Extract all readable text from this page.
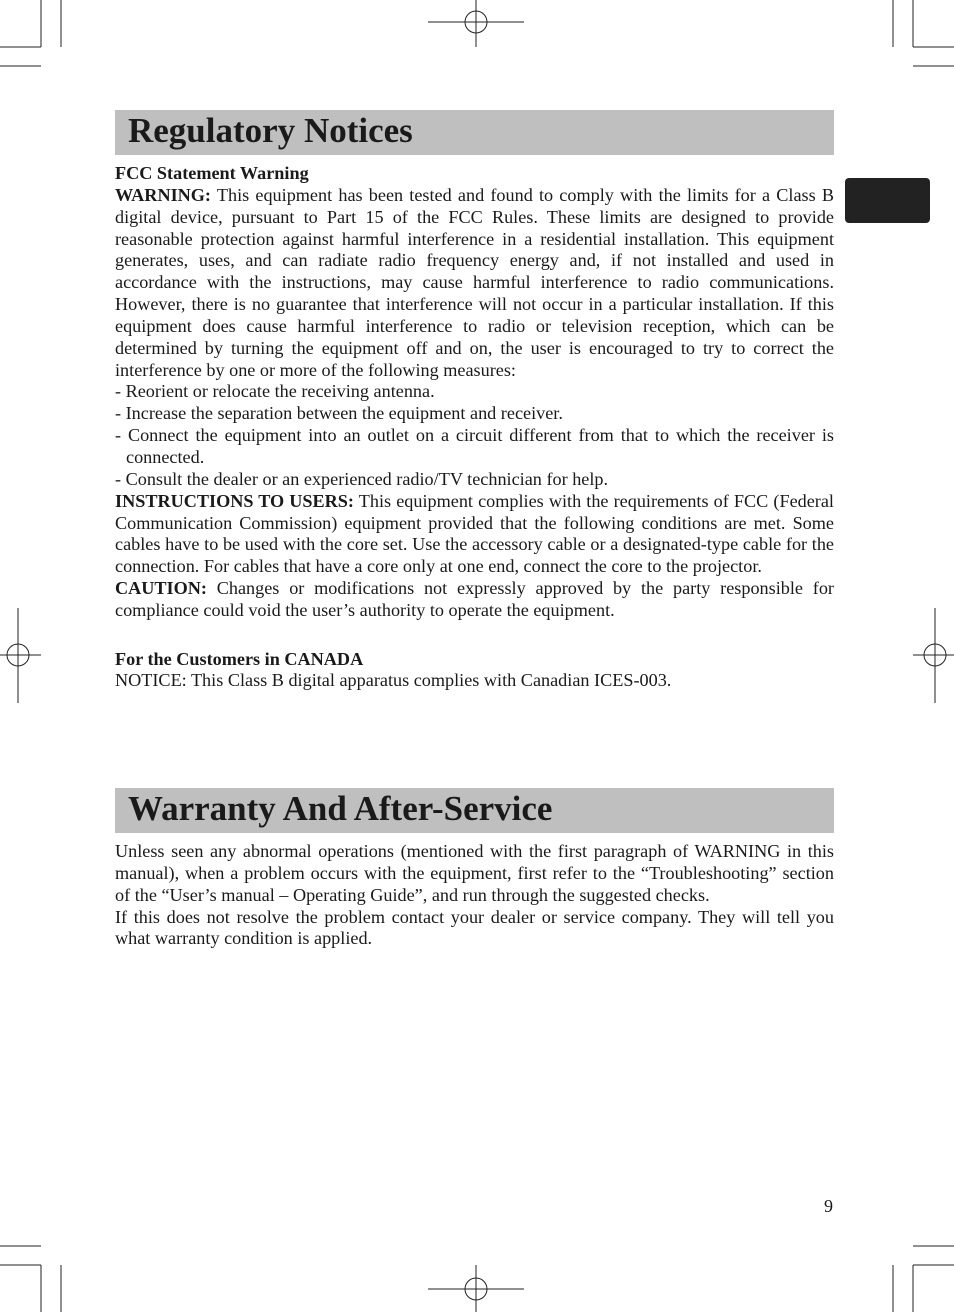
Regulatory Notices

FCC Statement Warning

WARNING: This equipment has been tested and found to comply with the limits for a Class B digital device, pursuant to Part 15 of the FCC Rules. These limits are designed to provide reasonable protection against harmful interference in a residential installation. This equipment generates, uses, and can radiate radio frequency energy and, if not installed and used in accordance with the instructions, may cause harmful interference to radio communications. However, there is no guarantee that interference will not occur in a particular installation. If this equipment does cause harmful interference to radio or television reception, which can be determined by turning the equipment off and on, the user is encouraged to try to correct the interference by one or more of the following measures:

- Reorient or relocate the receiving antenna.

- Increase the separation between the equipment and receiver.

- Connect the equipment into an outlet on a circuit different from that to which the receiver is connected.

- Consult the dealer or an experienced radio/TV technician for help.

INSTRUCTIONS TO USERS: This equipment complies with the requirements of FCC (Federal Communication Commission) equipment provided that the following conditions are met. Some cables have to be used with the core set. Use the accessory cable or a designated-type cable for the connection. For cables that have a core only at one end, connect the core to the projector.

CAUTION: Changes or modifications not expressly approved by the party responsible for compliance could void the user’s authority to operate the equipment.

For the Customers in CANADA

NOTICE: This Class B digital apparatus complies with Canadian ICES-003.

Warranty And After-Service

Unless seen any abnormal operations (mentioned with the first paragraph of WARNING in this manual), when a problem occurs with the equipment, first refer to the “Troubleshooting” section of the “User’s manual – Operating Guide”, and run through the suggested checks.

If this does not resolve the problem contact your dealer or service company. They will tell you what warranty condition is applied.

9
